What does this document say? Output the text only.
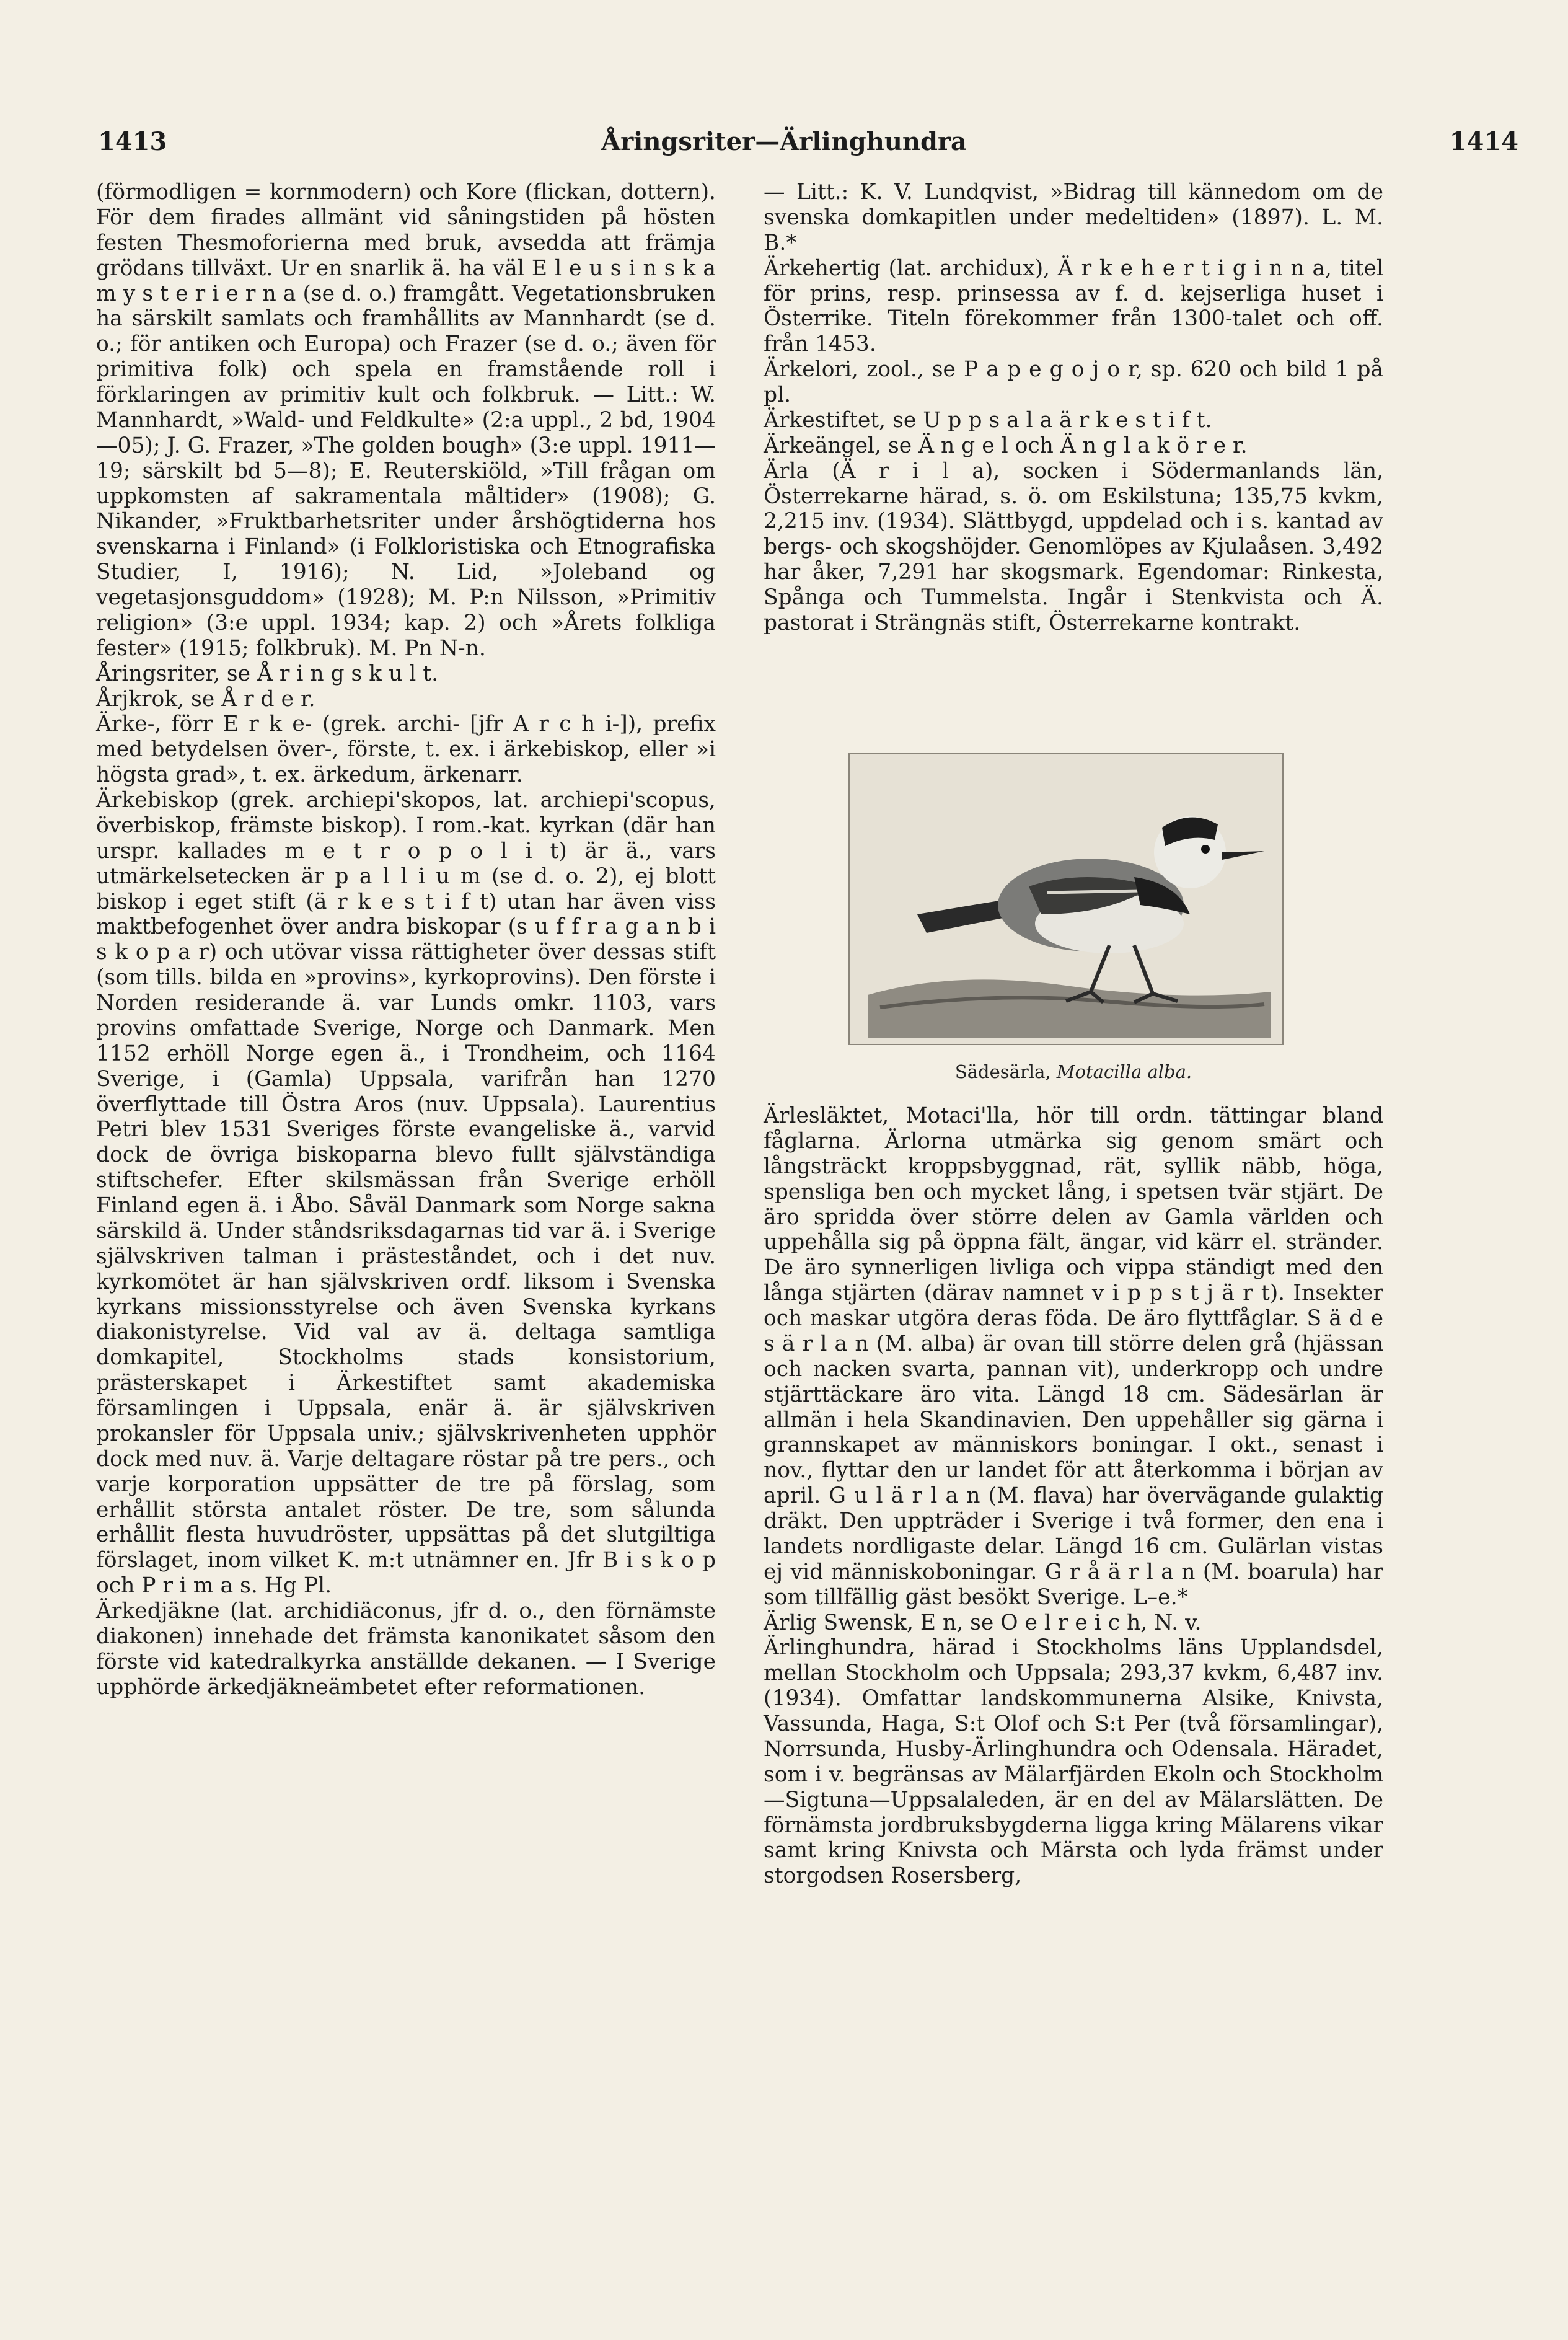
1413	Åringsriter—Ärlinghundra	1414

(förmodligen = kornmodern) och Kore (flickan, dottern). För dem firades allmänt vid såningstiden på hösten festen Thesmoforierna med bruk, avsedda att främja grödans tillväxt. Ur en snarlik ä. ha väl E l e u s i n s k a m y s t e r i e r n a (se d. o.) framgått. Vegetationsbruken ha särskilt samlats och framhållits av Mannhardt (se d. o.; för antiken och Europa) och Frazer (se d. o.; även för primitiva folk) och spela en framstående roll i förklaringen av primitiv kult och folkbruk. — Litt.: W. Mannhardt, »Wald- und Feldkulte» (2:a uppl., 2 bd, 1904—05); J. G. Frazer, »The golden bough» (3:e uppl. 1911—19; särskilt bd 5—8); E. Reuterskiöld, »Till frågan om uppkomsten af sakramentala måltider» (1908); G. Nikander, »Fruktbarhetsriter under årshögtiderna hos svenskarna i Finland» (i Folkloristiska och Etnografiska Studier, I, 1916); N. Lid, »Joleband og vegetasjonsguddom» (1928); M. P:n Nilsson, »Primitiv religion» (3:e uppl. 1934; kap. 2) och »Årets folkliga fester» (1915; folkbruk). M. Pn N-n.

Åringsriter, se Å r i n g s k u l t.

Årjkrok, se Å r d e r.

Ärke-, förr E r k e- (grek. archi- [jfr A r c h i-]), prefix med betydelsen över-, förste, t. ex. i ärkebiskop, eller »i högsta grad», t. ex. ärkedum, ärkenarr.

Ärkebiskop (grek. archiepi'skopos, lat. archiepi'scopus, överbiskop, främste biskop). I rom.-kat. kyrkan (där han urspr. kallades m e t r o p o l i t) är ä., vars utmärkelsetecken är p a l l i u m (se d. o. 2), ej blott biskop i eget stift (ä r k e s t i f t) utan har även viss maktbefogenhet över andra biskopar (s u f f r a g a n b i s k o p a r) och utövar vissa rättigheter över dessas stift (som tills. bilda en »provins», kyrkoprovins). Den förste i Norden residerande ä. var Lunds omkr. 1103, vars provins omfattade Sverige, Norge och Danmark. Men 1152 erhöll Norge egen ä., i Trondheim, och 1164 Sverige, i (Gamla) Uppsala, varifrån han 1270 överflyttade till Östra Aros (nuv. Uppsala). Laurentius Petri blev 1531 Sveriges förste evangeliske ä., varvid dock de övriga biskoparna blevo fullt självständiga stiftschefer. Efter skilsmässan från Sverige erhöll Finland egen ä. i Åbo. Såväl Danmark som Norge sakna särskild ä. Under ståndsriksdagarnas tid var ä. i Sverige självskriven talman i prästeståndet, och i det nuv. kyrkomötet är han självskriven ordf. liksom i Svenska kyrkans missionsstyrelse och även Svenska kyrkans diakonistyrelse. Vid val av ä. deltaga samtliga domkapitel, Stockholms stads konsistorium, prästerskapet i Ärkestiftet samt akademiska församlingen i Uppsala, enär ä. är självskriven prokansler för Uppsala univ.; självskrivenheten upphör dock med nuv. ä. Varje deltagare röstar på tre pers., och varje korporation uppsätter de tre på förslag, som erhållit största antalet röster. De tre, som sålunda erhållit flesta huvudröster, uppsättas på det slutgiltiga förslaget, inom vilket K. m:t utnämner en. Jfr B i s k o p och P r i m a s. Hg Pl.

Ärkedjäkne (lat. archidiäconus, jfr d. o., den förnämste diakonen) innehade det främsta kanonikatet såsom den förste vid katedralkyrka anställde dekanen. — I Sverige upphörde ärkedjäkneämbetet efter reformationen.

— Litt.: K. V. Lundqvist, »Bidrag till kännedom om de svenska domkapitlen under medeltiden» (1897). L. M. B.*

Ärkehertig (lat. archidux), Ä r k e h e r t i g i n n a, titel för prins, resp. prinsessa av f. d. kejserliga huset i Österrike. Titeln förekommer från 1300-talet och off. från 1453.

Ärkelori, zool., se P a p e g o j o r, sp. 620 och bild 1 på pl.

Ärkestiftet, se U p p s a l a ä r k e s t i f t.

Ärkeängel, se Ä n g e l och Ä n g l a k ö r e r.

Ärla (Ä r i l a), socken i Södermanlands län, Österrekarne härad, s. ö. om Eskilstuna; 135,75 kvkm, 2,215 inv. (1934). Slättbygd, uppdelad och i s. kantad av bergs- och skogshöjder. Genomlöpes av Kjulaåsen. 3,492 har åker, 7,291 har skogsmark. Egendomar: Rinkesta, Spånga och Tummelsta. Ingår i Stenkvista och Ä. pastorat i Strängnäs stift, Österrekarne kontrakt.

Sädesärla, Motacilla alba.

Ärlesläktet, Motaci'lla, hör till ordn. tättingar bland fåglarna. Ärlorna utmärka sig genom smärt och långsträckt kroppsbyggnad, rät, syllik näbb, höga, spensliga ben och mycket lång, i spetsen tvär stjärt. De äro spridda över större delen av Gamla världen och uppehålla sig på öppna fält, ängar, vid kärr el. stränder. De äro synnerligen livliga och vippa ständigt med den långa stjärten (därav namnet v i p p s t j ä r t). Insekter och maskar utgöra deras föda. De äro flyttfåglar. S ä d e s ä r l a n (M. alba) är ovan till större delen grå (hjässan och nacken svarta, pannan vit), underkropp och undre stjärttäckare äro vita. Längd 18 cm. Sädesärlan är allmän i hela Skandinavien. Den uppehåller sig gärna i grannskapet av människors boningar. I okt., senast i nov., flyttar den ur landet för att återkomma i början av april. G u l ä r l a n (M. flava) har övervägande gulaktig dräkt. Den uppträder i Sverige i två former, den ena i landets nordligaste delar. Längd 16 cm. Gulärlan vistas ej vid människoboningar. G r å ä r l a n (M. boarula) har som tillfällig gäst besökt Sverige. L–e.*

Ärlig Swensk, E n, se O e l r e i c h, N. v.

Ärlinghundra, härad i Stockholms läns Upplandsdel, mellan Stockholm och Uppsala; 293,37 kvkm, 6,487 inv. (1934). Omfattar landskommunerna Alsike, Knivsta, Vassunda, Haga, S:t Olof och S:t Per (två församlingar), Norrsunda, Husby-Ärlinghundra och Odensala. Häradet, som i v. begränsas av Mälarfjärden Ekoln och Stockholm—Sigtuna—Uppsalaleden, är en del av Mälarslätten. De förnämsta jordbruksbygderna ligga kring Mälarens vikar samt kring Knivsta och Märsta och lyda främst under storgodsen Rosersberg,
